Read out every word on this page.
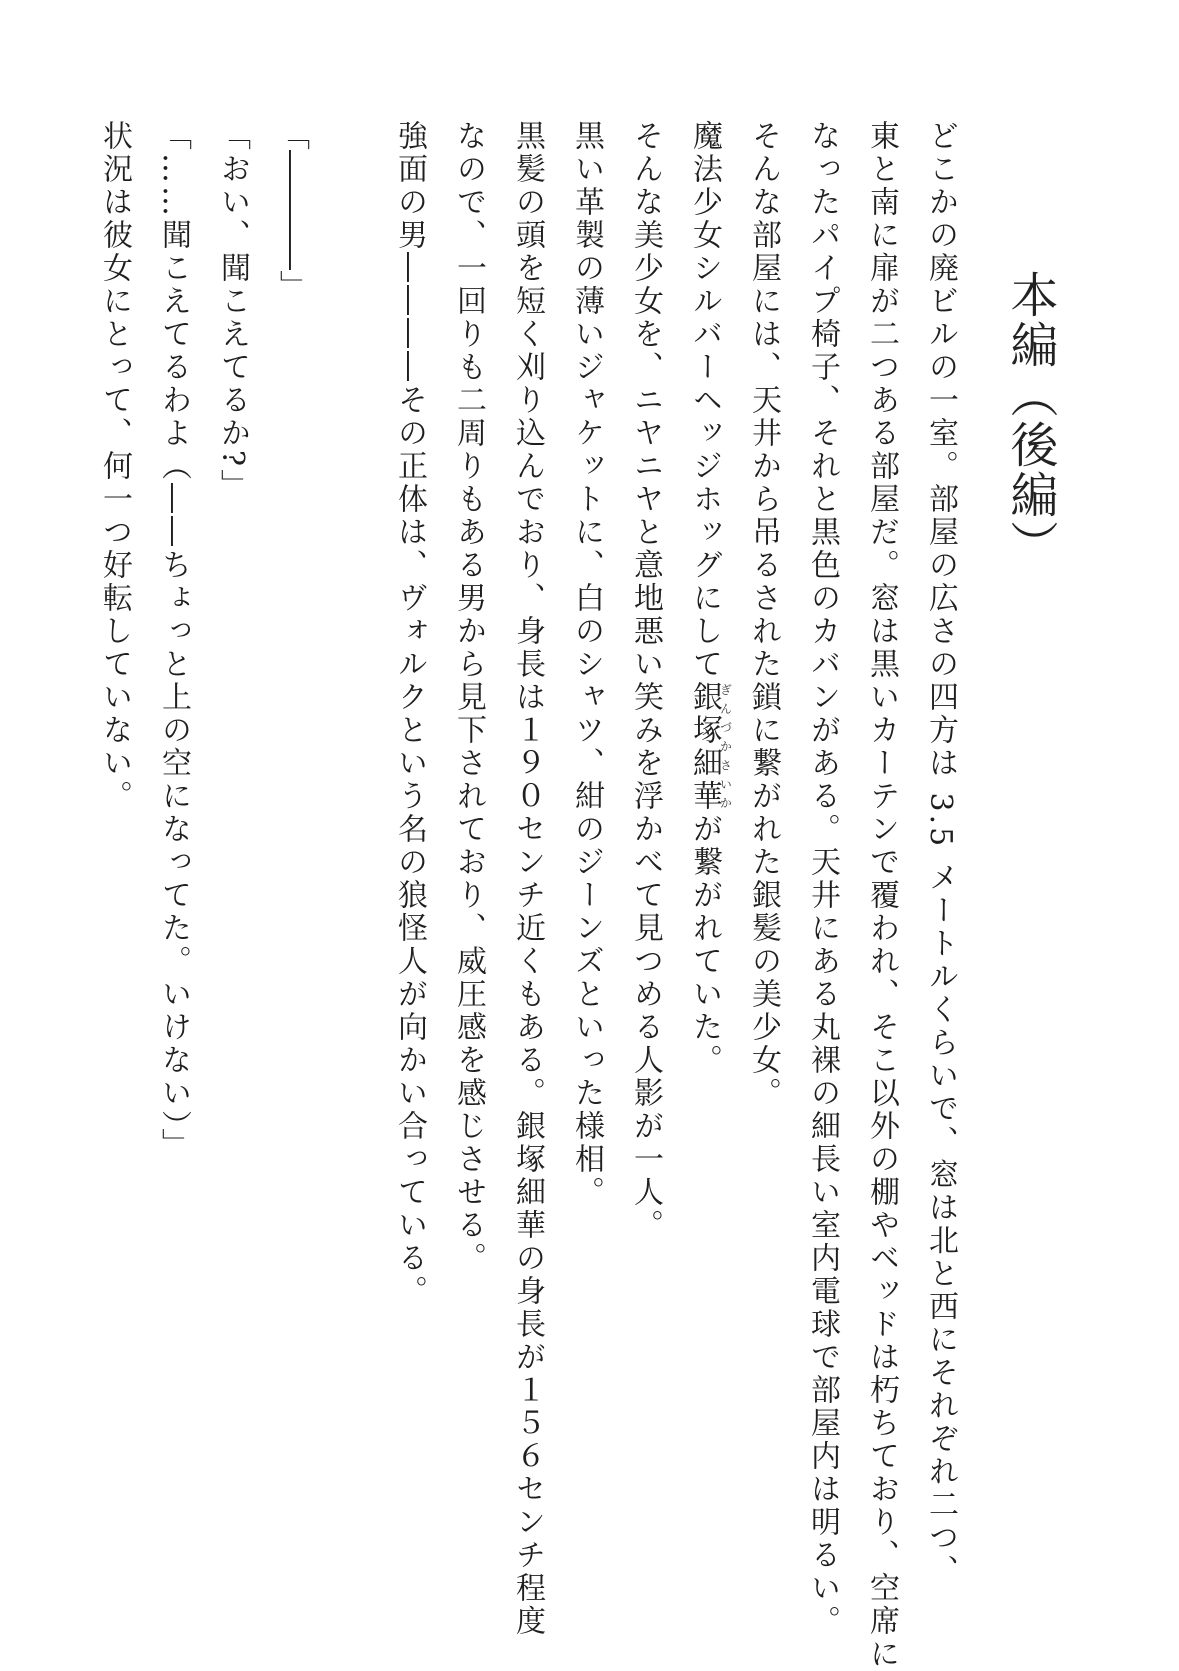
本編（後編）
どこかの廃ビルの一室。部屋の広さの四方は 3.5 メートルくらいで、窓は北と西にそれぞれ二つ、
東と南に扉が二つある部屋だ。窓は黒いカーテンで覆われ、そこ以外の棚やベッドは朽ちており、空席に
なったパイプ椅子、それと黒色のカバンがある。天井にある丸裸の細長い室内電球で部屋内は明るい。
そんな部屋には、天井から吊るされた鎖に繋がれた銀髪の美少女。
魔法少女シルバーヘッジホッグにして銀塚細華ぎんづかさいかが繋がれていた。
そんな美少女を、ニヤニヤと意地悪い笑みを浮かべて見つめる人影が一人。
黒い革製の薄いジャケットに、白のシャツ、紺のジーンズといった様相。
黒髪の頭を短く刈り込んでおり、身長は１９０センチ近くもある。銀塚細華の身長が１５６センチ程度
なので、一回りも二周りもある男から見下されており、威圧感を感じさせる。
強面の男――――その正体は、ヴォルクという名の狼怪人が向かい合っている。
「――――」
「おい、聞こえてるか?」
「……聞こえてるわよ（――ちょっと上の空になってた。いけない）」
状況は彼女にとって、何一つ好転していない。
